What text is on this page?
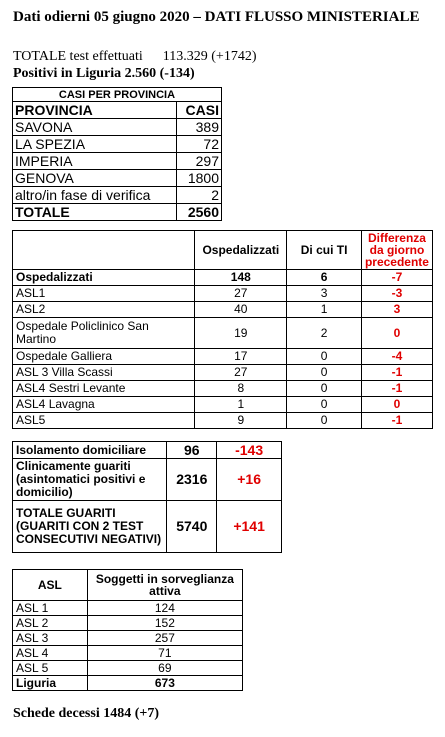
Dati odierni 05 giugno 2020 – DATI FLUSSO MINISTERIALE
TOTALE test effettuati 113.329 (+1742)
Positivi in Liguria 2.560 (-134)
CASI PER PROVINCIA	
PROVINCIA	CASI
SAVONA	389
LA SPEZIA	72
IMPERIA	297
GENOVA	1800
altro/in fase di verifica	2
TOTALE	2560
	Ospedalizzati	Di cui TI	Differenza da giorno precedente
Ospedalizzati	148	6	-7
ASL1	27	3	-3
ASL2	40	1	3
Ospedale Policlinico San Martino	19	2	0
Ospedale Galliera	17	0	-4
ASL 3 Villa Scassi	27	0	-1
ASL4 Sestri Levante	8	0	-1
ASL4 Lavagna	1	0	0
ASL5	9	0	-1
Isolamento domiciliare	96	-143
Clinicamente guariti (asintomatici positivi e domicilio)	2316	+16
TOTALE GUARITI (GUARITI CON 2 TEST CONSECUTIVI NEGATIVI)	5740	+141
ASL	Soggetti in sorveglianza attiva
ASL 1	124
ASL 2	152
ASL 3	257
ASL 4	71
ASL 5	69
Liguria	673
Schede decessi 1484 (+7)
